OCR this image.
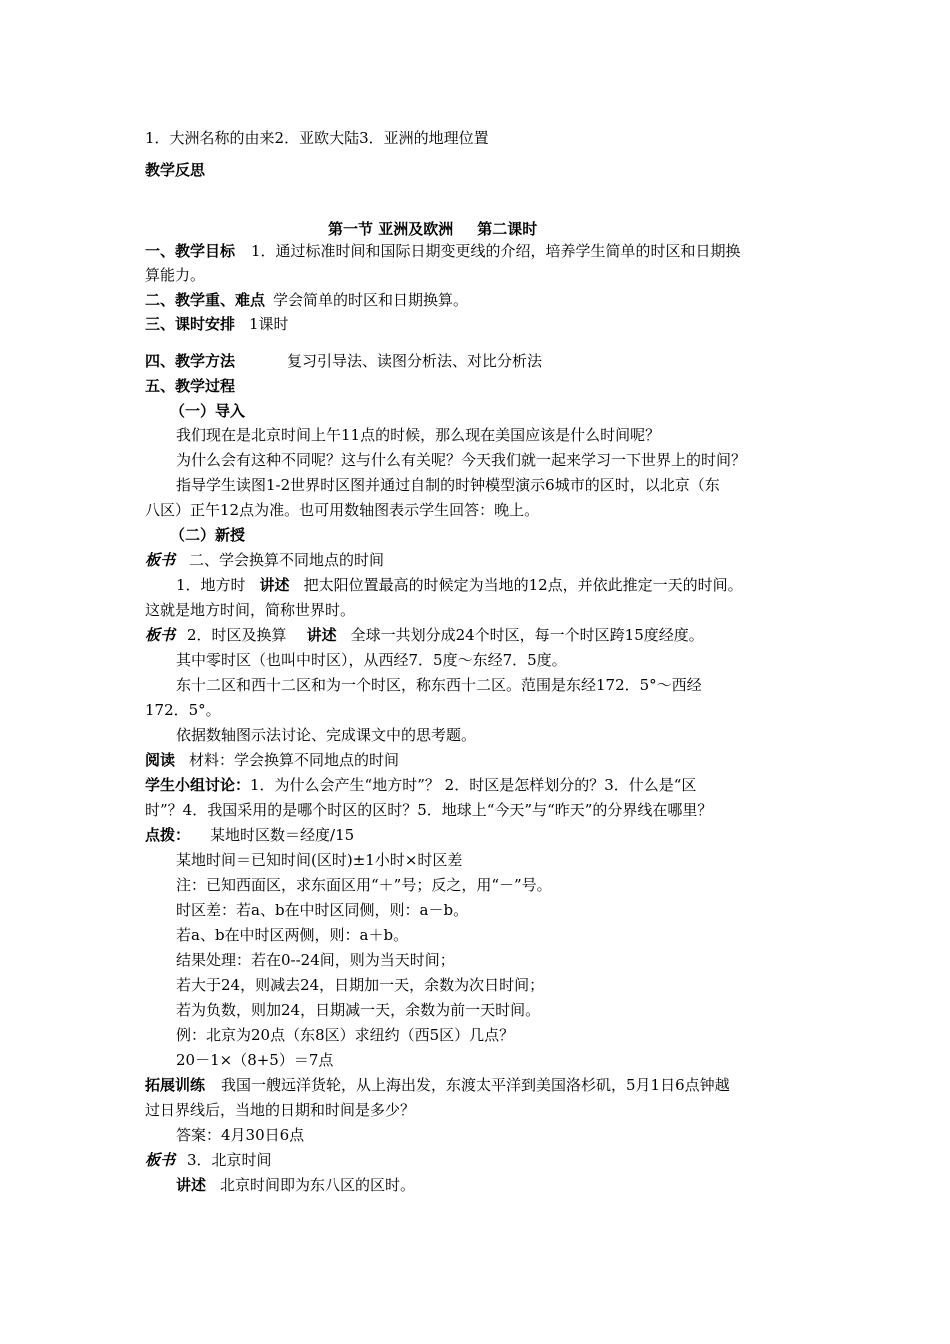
1．大洲名称的由来2．亚欧大陆3．亚洲的地理位置
教学反思
第一节 亚洲及欧洲 第二课时
一、教学目标 1．通过标准时间和国际日期变更线的介绍，培养学生简单的时区和日期换
算能力。
二、教学重、难点 学会简单的时区和日期换算。
三、课时安排 1课时
四、教学方法	复习引导法、读图分析法、对比分析法
五、教学过程
（一）导入
我们现在是北京时间上午11点的时候，那么现在美国应该是什么时间呢？
为什么会有这种不同呢？这与什么有关呢？今天我们就一起来学习一下世界上的时间？
指导学生读图1-2世界时区图并通过自制的时钟模型演示6城市的区时，以北京（东
八区）正午12点为准。也可用数轴图表示学生回答：晚上。
（二）新授
板书 二、学会换算不同地点的时间
1．地方时 讲述 把太阳位置最高的时候定为当地的12点，并依此推定一天的时间。
这就是地方时间，简称世界时。
板书 2．时区及换算 讲述 全球一共划分成24个时区，每一个时区跨15度经度。
其中零时区（也叫中时区），从西经7．5度～东经7．5度。
东十二区和西十二区和为一个时区，称东西十二区。范围是东经172．5°～西经
172．5°。
依据数轴图示法讨论、完成课文中的思考题。
阅读 材料：学会换算不同地点的时间
学生小组讨论：1．为什么会产生“地方时”？ 2．时区是怎样划分的？3．什么是“区
时”？4．我国采用的是哪个时区的区时？5．地球上“今天”与“昨天”的分界线在哪里？
点拨： 某地时区数＝经度/15
某地时间＝已知时间(区时)±1小时×时区差
注：已知西面区，求东面区用“＋”号；反之，用“－”号。
时区差：若a、b在中时区同侧，则：a－b。
若a、b在中时区两侧，则：a＋b。
结果处理：若在0--24间，则为当天时间；
若大于24，则减去24，日期加一天，余数为次日时间；
若为负数，则加24，日期减一天，余数为前一天时间。
例：北京为20点（东8区）求纽约（西5区）几点？
20－1×（8+5）＝7点
拓展训练 我国一艘远洋货轮，从上海出发，东渡太平洋到美国洛杉矶，5月1日6点钟越
过日界线后，当地的日期和时间是多少？
答案：4月30日6点
板书 3．北京时间
讲述 北京时间即为东八区的区时。
